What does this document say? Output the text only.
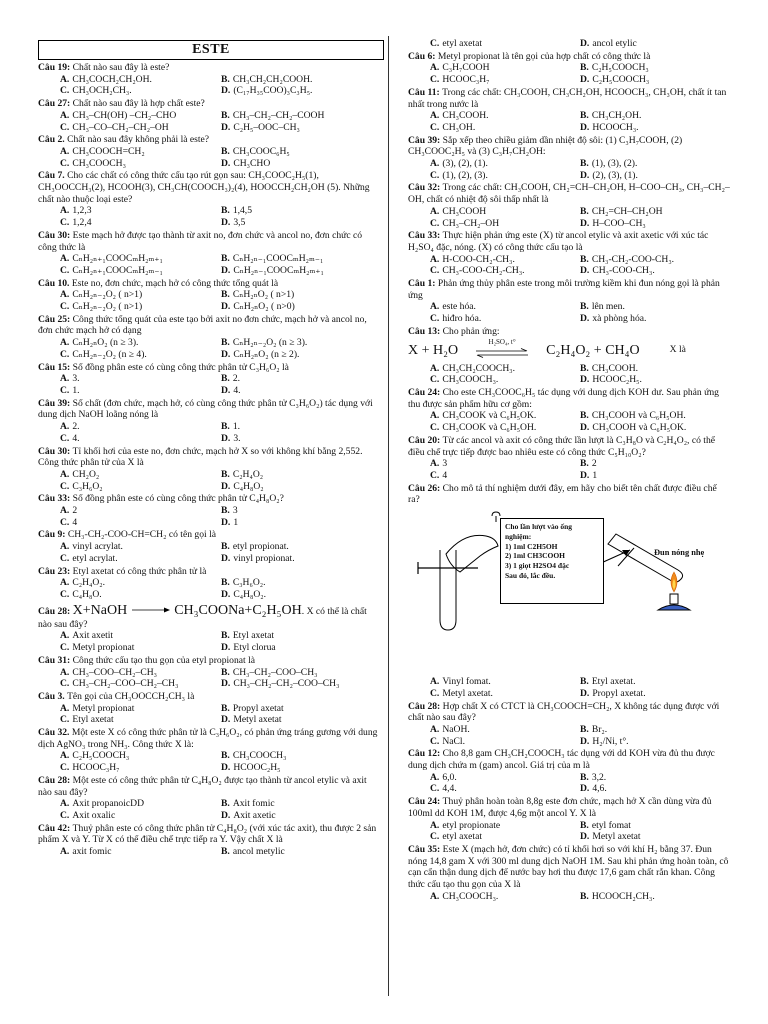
ESTE
Câu 19: Chất nào sau đây là este?
A. CH₃COCH₂CH₂OH.	B. CH₃CH₂CH₂COOH.
C. CH₃OCH₂CH₃.	D. (C₁₇H₃₅COO)₃C₃H₅.
Câu 27: Chất nào sau đây là hợp chất este?
A. CH₃–CH(OH) –CH₂–CHO	B. CH₃–CH₂–CH₂–COOH
C. CH₃–CO–CH₂–CH₂–OH	D. C₂H₅–OOC–CH₃
Câu 2. Chất nào sau đây không phải là este?
A. CH₃COOCH=CH₂	B. CH₃COOC₆H₅
C. CH₃COOCH₃	D. CH₃CHO
Câu 7. Cho các chất có công thức cấu tạo rút gọn sau: CH₃COOC₂H₅(1), CH₃OOCCH₃(2), HCOOH(3), CH₃CH(COOCH₃)₂(4), HOOCCH₂CH₂OH (5). Những chất nào thuộc loại este?
A. 1,2,3	B. 1,4,5
C. 1,2,4	D. 3,5
Câu 30: Este mạch hở được tạo thành từ axit no, đơn chức và ancol no, đơn chức có công thức là
A. CₙH₂ₙ₊₁COOCₘH₂ₘ₊₁	B. CₙH₂ₙ₋₁COOCₘH₂ₘ₋₁
C. CₙH₂ₙ₊₁COOCₘH₂ₘ₋₁	D. CₙH₂ₙ₋₁COOCₘH₂ₘ₊₁
Câu 10. Este no, đơn chức, mạch hở có công thức tổng quát là
A. CₙH₂ₙ₋₂O₂ ( n>1)	B. CₙH₂ₙO₂ ( n>1)
C. CₙH₂ₙ₋₂O₂ ( n>1)	D. CₙH₂ₙO₂ ( n>0)
Câu 25: Công thức tổng quát của este tạo bởi axit no đơn chức, mạch hở và ancol no, đơn chức mạch hở có dạng
A. CₙH₂ₙO₂ (n ≥ 3).	B. CₙH₂ₙ₋₂O₂ (n ≥ 3).
C. CₙH₂ₙ₋₂O₂ (n ≥ 4).	D. CₙH₂ₙO₂ (n ≥ 2).
Câu 15: Số đồng phân este có cùng công thức phân tử C₃H₆O₂ là
A. 3.	B. 2.
C. 1.	D. 4.
Câu 39: Số chất (đơn chức, mạch hở, có cùng công thức phân tử C₃H₆O₂) tác dụng với dung dịch NaOH loãng nóng là
A. 2.	B. 1.
C. 4.	D. 3.
Câu 30: Tỉ khối hơi của este no, đơn chức, mạch hở X so với không khí bằng 2,552. Công thức phân tử của X là
A. CH₂O₂	B. C₂H₄O₂
C. C₃H₆O₂	D. C₄H₈O₂
Câu 33: Số đồng phân este có cùng công thức phân tử C₄H₈O₂?
A. 2	B. 3
C. 4	D. 1
Câu 9: CH₃-CH₂-COO-CH=CH₂ có tên gọi là
A. vinyl acrylat.	B. etyl propionat.
C. etyl acrylat.	D. vinyl propionat.
Câu 23: Etyl axetat có công thức phân tử là
A. C₂H₄O₂.	B. C₃H₆O₂.
C. C₄H₈O.	D. C₄H₈O₂.
Câu 28: X+NaOH	CH₃COONa+C₂H₅OH. X có thể là chất nào sau đây?
A. Axit axetit	B. Etyl axetat
C. Metyl propionat	D. Etyl clorua
Câu 31: Công thức cấu tạo thu gọn của etyl propionat là
A. CH₃–COO–CH₂–CH₃	B. CH₃–CH₂–COO–CH₃
C. CH₃–CH₂–COO–CH₂–CH₃	D. CH₃–CH₂–CH₂–COO–CH₃
Câu 3. Tên gọi của CH₃OOCCH₂CH₃ là
A. Metyl propionat	B. Propyl axetat
C. Etyl axetat	D. Metyl axetat
Câu 32. Một este X có công thức phân tử là C₃H₆O₂, có phản ứng tráng gương với dung dịch AgNO₃ trong NH₃. Công thức X là:
A. C₂H₅COOCH₃	B. CH₃COOCH₃
C. HCOOC₃H₇	D. HCOOC₂H₅
Câu 28: Một este có công thức phân tử C₄H₈O₂ được tạo thành từ ancol etylic và axit nào sau đây?
A. Axit propanoicDD	B. Axit fomic
C. Axit oxalic	D. Axit axetic
Câu 42: Thuỷ phân este có công thức phân tử C₄H₈O₂ (với xúc tác axit), thu được 2 sản phẩm X và Y. Từ X có thể điều chế trực tiếp ra Y. Vậy chất X là
A. axit fomic	B. ancol metylic
C. etyl axetat	D. ancol etylic
Câu 6: Metyl propionat là tên gọi của hợp chất có công thức là
A. C₃H₇COOH	B. C₂H₅COOCH₃
C. HCOOC₃H₇	D. C₂H₅COOCH₃
Câu 11: Trong các chất: CH₃COOH, CH₃CH₂OH, HCOOCH₃, CH₃OH, chất ít tan nhất trong nước là
A. CH₃COOH.	B. CH₃CH₂OH.
C. CH₃OH.	D. HCOOCH₃.
Câu 39: Sắp xếp theo chiều giảm dần nhiệt độ sôi: (1) C₃H₇COOH, (2) CH₃COOC₂H₅ và (3) C₃H₇CH₂OH:
A. (3), (2), (1).	B. (1), (3), (2).
C. (1), (2), (3).	D. (2), (3), (1).
Câu 32: Trong các chất: CH₃COOH, CH₂=CH–CH₂OH, H–COO–CH₃, CH₃–CH₂–OH, chất có nhiệt độ sôi thấp nhất là
A. CH₃COOH	B. CH₂=CH–CH₂OH
C. CH₃–CH₂–OH	D. H–COO–CH₃
Câu 33: Thực hiện phản ứng este (X) từ ancol etylic và axit axetic với xúc tác H₂SO₄ đặc, nóng. (X) có công thức cấu tạo là
A. H-COO-CH₂-CH₃.	B. CH₃-CH₂-COO-CH₃.
C. CH₃-COO-CH₂-CH₃.	D. CH₃-COO-CH₃.
Câu 1: Phản ứng thủy phân este trong môi trường kiềm khi đun nóng gọi là phản ứng
A. este hóa.	B. lên men.
C. hiđro hóa.	D. xà phòng hóa.
Câu 13: Cho phản ứng:
X + H₂O
H₂SO₄, t°
C₂H₄O₂ + CH₄O	X là
A. CH₃CH₂COOCH₃.	B. CH₃COOH.
C. CH₃COOCH₃.	D. HCOOC₂H₅.
Câu 24: Cho este CH₃COOC₆H₅ tác dụng với dung dịch KOH dư. Sau phản ứng thu được sản phẩm hữu cơ gồm:
A. CH₃COOK và C₆H₅OK.	B. CH₃COOH và C₆H₅OH.
C. CH₃COOK và C₆H₅OH.	D. CH₃COOH và C₆H₅OK.
Câu 20: Từ các ancol và axit có công thức lần lượt là C₃H₈O và C₂H₄O₂, có thể điều chế trực tiếp được bao nhiêu este có công thức C₅H₁₀O₂?
A. 3	B. 2
C. 4	D. 1
Câu 26: Cho mô tả thí nghiệm dưới đây, em hãy cho biết tên chất được điều chế ra?
Cho lần lượt vào ống nghiệm:
1) 1ml C2H5OH
2) 1ml CH3COOH
3) 1 giọt H2SO4 đặc
Sau đó, lắc đều.
Đun nóng nhẹ
A. Vinyl fomat.	B. Etyl axetat.
C. Metyl axetat.	D. Propyl axetat.
Câu 28: Hợp chất X có CTCT là CH₃COOCH=CH₂, X không tác dụng được với chất nào sau đây?
A. NaOH.	B. Br₂.
C. NaCl.	D. H₂/Ni, t°.
Câu 12: Cho 8,8 gam CH₃CH₂COOCH₃ tác dụng với dd KOH vừa đủ thu được dung dịch chứa m (gam) ancol. Giá trị của m là
A. 6,0.	B. 3,2.
C. 4,4.	D. 4,6.
Câu 24: Thuỷ phân hoàn toàn 8,8g este đơn chức, mạch hở X cần dùng vừa đủ 100ml dd KOH 1M, được 4,6g một ancol Y. X là
A. etyl propionate	B. etyl fomat
C. etyl axetat	D. Metyl axetat
Câu 35: Este X (mạch hở, đơn chức) có tỉ khối hơi so với khí H₂ bằng 37. Đun nóng 14,8 gam X với 300 ml dung dịch NaOH 1M. Sau khi phản ứng hoàn toàn, cô cạn cẩn thận dung dịch để nước bay hơi thu được 17,6 gam chất rắn khan. Công thức cấu tạo thu gọn của X là
A. CH₃COOCH₃.	B. HCOOCH₂CH₃.
